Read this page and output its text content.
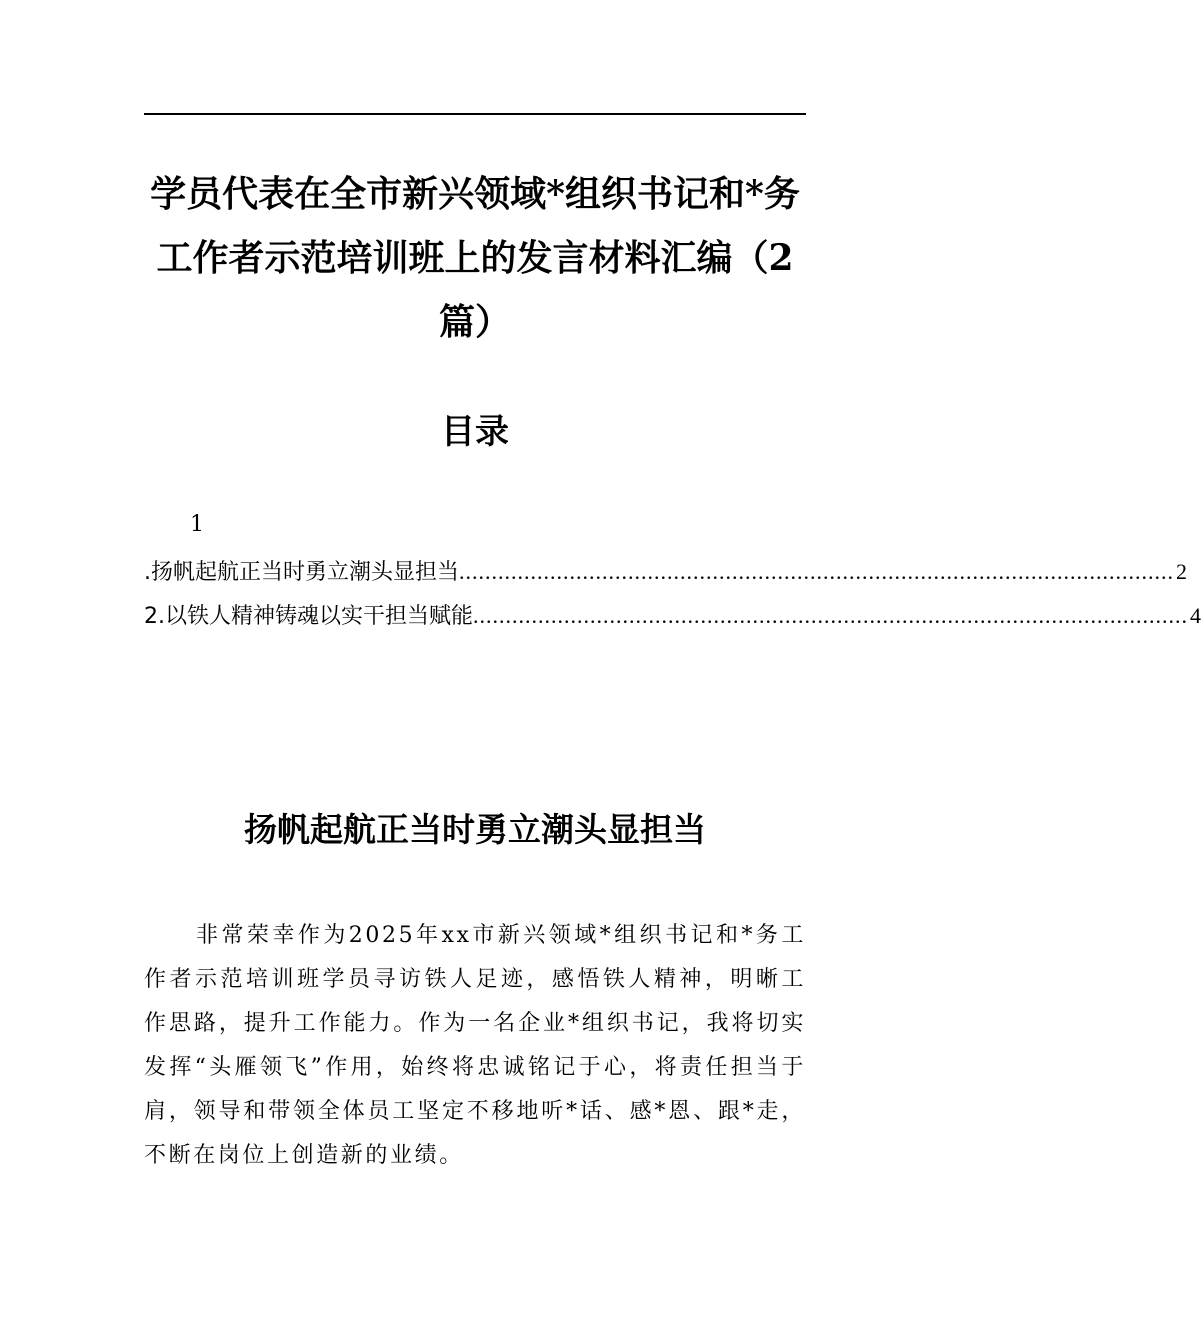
学员代表在全市新兴领域*组织书记和*务
工作者示范培训班上的发言材料汇编（2
篇）
目录
1
.扬帆起航正当时勇立潮头显担当 .............................................................................................................. 2
2.以铁人精神铸魂以实干担当赋能 .............................................................................................................. 4
扬帆起航正当时勇立潮头显担当
非常荣幸作为2025年xx市新兴领域*组织书记和*务工作者示范培训班学员寻访铁人足迹，感悟铁人精神，明晰工作思路，提升工作能力。作为一名企业*组织书记，我将切实发挥“头雁领飞”作用，始终将忠诚铭记于心，将责任担当于肩，领导和带领全体员工坚定不移地听*话、感*恩、跟*走，不断在岗位上创造新的业绩。
